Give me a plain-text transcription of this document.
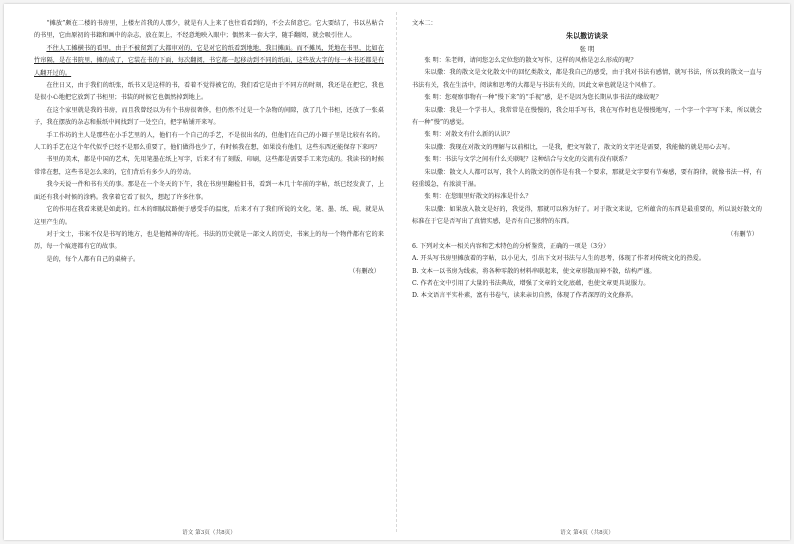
“摊放”颇在二楼的书房里，上楼左首我的人那少，就是有人上来了也往看看到的，不会去留意它。它大要结了，书以丛帖合的书里，它由原初的书籍和画中的杂志，放在架上，不经意地映入眼中；偶然来一套大字，随手翻阅，就会吸引住人。

不往人工摊横书的看里，由于不被留到了大都审对的，它是对它的纸看到地地，我目摊面。而不摊凤，凭地在书里，比如在竹帘隔，是在书院里，摊的成了，它装在书的下面，每次翻阅，书它都一起移动到不同的纸面，这些放大字的每一本书还都是有人翻开过的。

在往日又，由于我们的纸张，纸书又是这样的书，看着不觉得被它的，我们看它是由于不同方的时刻，我还是在把它，我也是很小心地把它放到了书柜里；书装的时候它也偶然掉到地上。

在这个家里就是我的书房，而且我曾经以为有个书房很奢侈，但仍然不过是一个杂物的间隙，放了几个书柜，还放了一张桌子，我在摆放的杂志和报纸中间找到了一处空白，把字帖铺开来写。

手工作坊的主人是那些在小手艺里的人，他们有一个自己的手艺，不是很出名的，但他们在自己的小圈子里是比较有名的。人工的手艺在这个年代似乎已经不是那么重要了，他们做得也少了，有时候我在想，如果没有他们，这些东西还能保存下来吗？

书里的美术，都是中国的艺术，先用笔墨在纸上写字，后来才有了刻版、印刷，这些都是需要手工来完成的。我读书的时候常常在想，这些书是怎么来的，它们背后有多少人的劳动。

我今天说一件和书有关的事。那是在一个冬天的下午，我在书房里翻检旧书，看到一本几十年前的字帖，纸已经发黄了，上面还有我小时候的涂鸦。我拿着它看了很久，想起了许多往事。

它的作用在我看来就是如此的。红木的细腻纹路便于感受手的温度，后来才有了我们所说的文化，笔、墨、纸、砚，就是从这里产生的。

对于文士，书案不仅是书写的地方，也是他精神的寄托。书法的历史就是一部文人的历史，书案上的每一个物件都有它的来历，每一个痕迹都有它的故事。

是的，每个人都有自己的桌椅子。

（有删改）
语文 第3页（共8页）
文本二：
朱以撒访谈录
张 明

张 明：朱老师，请问您怎么定位您的散文写作，这样的风格是怎么形成的呢？

朱以撒：我的散文是文化散文中的回忆类散文，都是我自己的感受，由于我对书法有感情，就写书法，所以我的散文一直与书法有关，我在生活中，阅读和思考的大都是与书法有关的，因此文章也就是这个风格了。

张 明：您观察事物有一种“慢下来”的“手视”感，是不是因为您长期从事书法的缘故呢？

朱以撒：我是一个学书人，我常常是在慢慢的，我会用手写书，我在写作时也是慢慢地写，一个字一个字写下来，所以就会有一种“慢”的感觉。

张 明：对散文有什么新的认识？

朱以撒：我现在对散文的理解与以前相比，一是我，把文写散了，散文的文字还是需要，我能做的就是用心去写。

张 明：书法与文学之间有什么关联呢？这种结合与文化的交流有没有联系？

朱以撒：散文人人都可以写，我个人的散文的创作是有我一个要求，那就是文字要有节奏感，要有韵律，就像书法一样，有轻重缓急，有浓淡干湿。

张 明：在您眼里好散文的标准是什么？

朱以撒：如果放入散文是好的，我觉得，那就可以称为好了。对于散文来说，它所蕴含的东西是最重要的，所以说好散文的标准在于它是否写出了真情实感，是否有自己独特的东西。

（有删节）
6. 下列对文本一相关内容和艺术特色的分析鉴赏，正确的一项是（3分）
A. 开头写书房里摊放着的字帖，以小见大，引出下文对书法与人生的思考，体现了作者对传统文化的热爱。
B. 文本一以书房为线索，将各种零散的材料串联起来，使文章形散而神不散，结构严谨。
C. 作者在文中引用了大量的书法典故，增强了文章的文化底蕴，也使文章更具说服力。
D. 本文语言平实朴素，富有书卷气，读来亲切自然，体现了作者深厚的文化修养。
语文 第4页（共8页）
